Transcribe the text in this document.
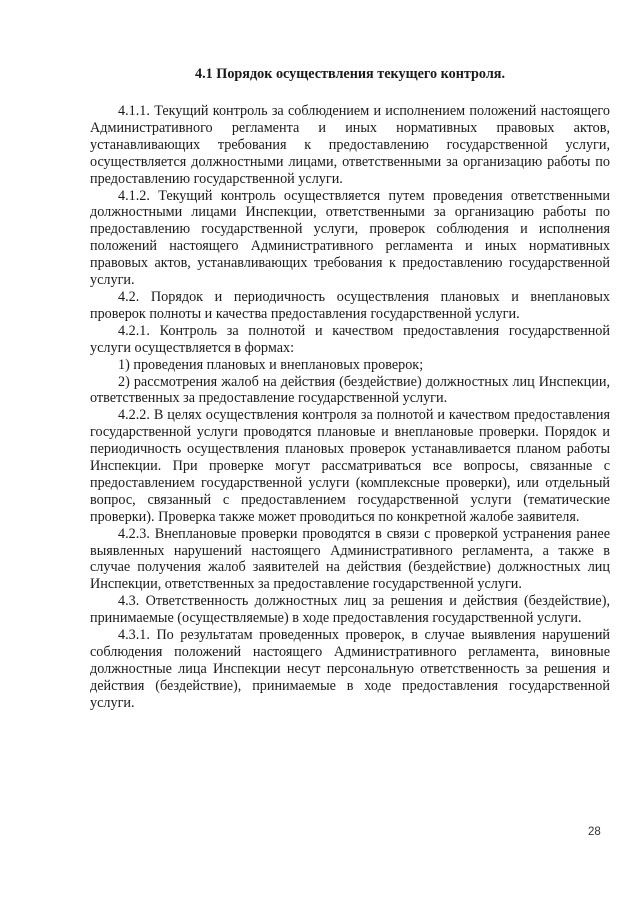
4.1 Порядок осуществления текущего контроля.

4.1.1. Текущий контроль за соблюдением и исполнением положений настоящего Административного регламента и иных нормативных правовых актов, устанавливающих требования к предоставлению государственной услуги, осуществляется должностными лицами, ответственными за организацию работы по предоставлению государственной услуги.

4.1.2. Текущий контроль осуществляется путем проведения ответственными должностными лицами Инспекции, ответственными за организацию работы по предоставлению государственной услуги, проверок соблюдения и исполнения положений настоящего Административного регламента и иных нормативных правовых актов, устанавливающих требования к предоставлению государственной услуги.

4.2. Порядок и периодичность осуществления плановых и внеплановых проверок полноты и качества предоставления государственной услуги.

4.2.1. Контроль за полнотой и качеством предоставления государственной услуги осуществляется в формах:

1) проведения плановых и внеплановых проверок;

2) рассмотрения жалоб на действия (бездействие) должностных лиц Инспекции, ответственных за предоставление государственной услуги.

4.2.2. В целях осуществления контроля за полнотой и качеством предоставления государственной услуги проводятся плановые и внеплановые проверки. Порядок и периодичность осуществления плановых проверок устанавливается планом работы Инспекции. При проверке могут рассматриваться все вопросы, связанные с предоставлением государственной услуги (комплексные проверки), или отдельный вопрос, связанный с предоставлением государственной услуги (тематические проверки). Проверка также может проводиться по конкретной жалобе заявителя.

4.2.3. Внеплановые проверки проводятся в связи с проверкой устранения ранее выявленных нарушений настоящего Административного регламента, а также в случае получения жалоб заявителей на действия (бездействие) должностных лиц Инспекции, ответственных за предоставление государственной услуги.

4.3. Ответственность должностных лиц за решения и действия (бездействие), принимаемые (осуществляемые) в ходе предоставления государственной услуги.

4.3.1. По результатам проведенных проверок, в случае выявления нарушений соблюдения положений настоящего Административного регламента, виновные должностные лица Инспекции несут персональную ответственность за решения и действия (бездействие), принимаемые в ходе предоставления государственной услуги.

28
